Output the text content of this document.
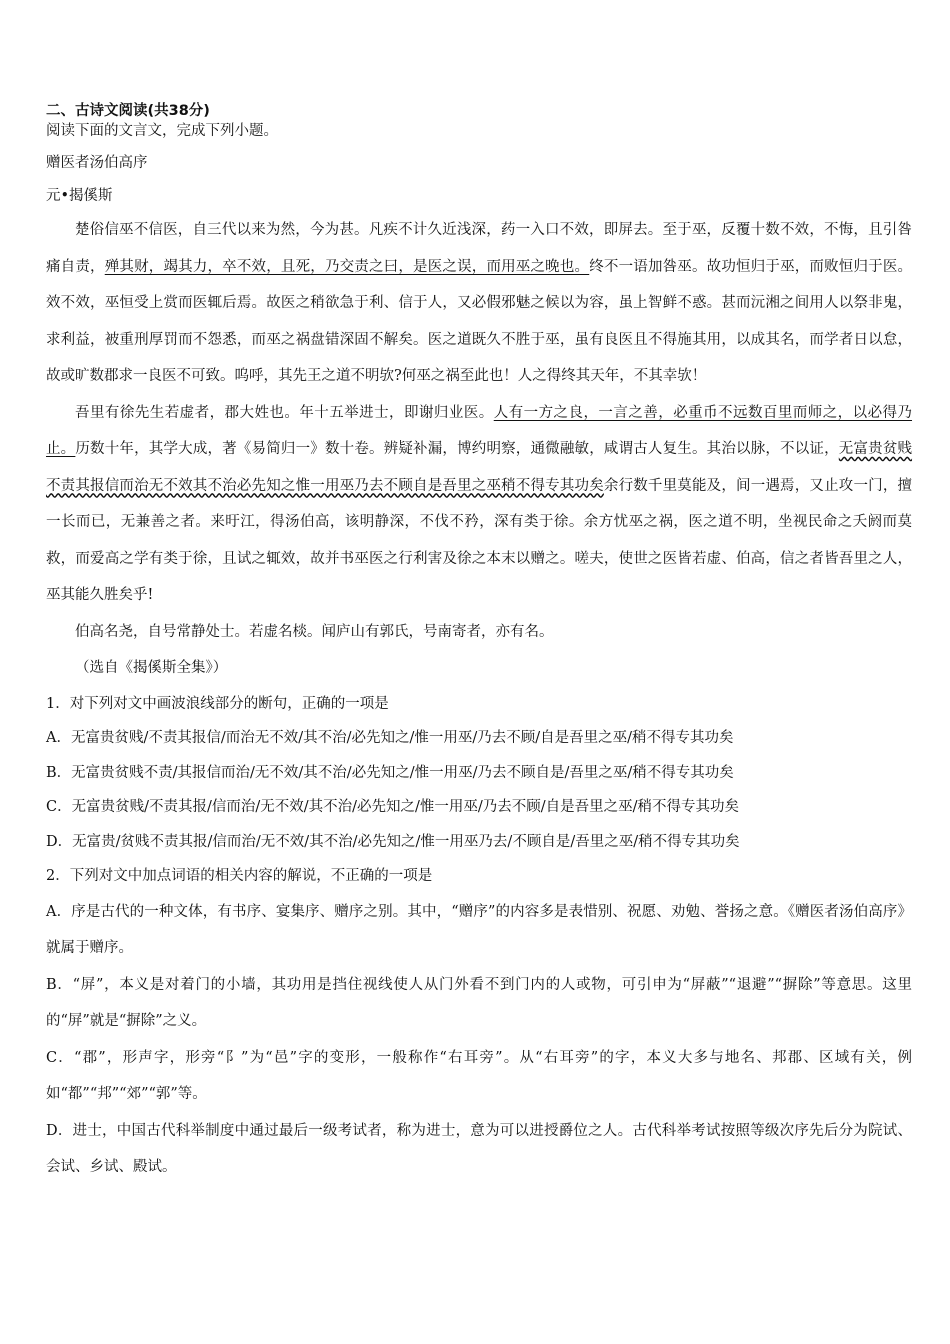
二、古诗文阅读(共38分)

阅读下面的文言文，完成下列小题。

赠医者汤伯高序

元•揭傒斯

楚俗信巫不信医，自三代以来为然，今为甚。凡疾不计久近浅深，药一入口不效，即屏去。至于巫，反覆十数不效，不悔，且引咎痛自责，殚其财，竭其力，卒不效，且死，乃交责之曰，是医之误，而用巫之晚也。终不一语加咎巫。故功恒归于巫，而败恒归于医。效不效，巫恒受上赏而医辄后焉。故医之稍欲急于利、信于人，又必假邪魅之候以为容，虽上智鲜不惑。甚而沅湘之间用人以祭非鬼，求利益，被重刑厚罚而不怨悉，而巫之祸盘错深固不解矣。医之道既久不胜于巫，虽有良医且不得施其用，以成其名，而学者日以怠，故或旷数郡求一良医不可致。呜呼，其先王之道不明欤?何巫之祸至此也！人之得终其天年，不其幸欤！

吾里有徐先生若虚者，郡大姓也。年十五举进士，即谢归业医。人有一方之良，一言之善，必重币不远数百里而师之，以必得乃止。历数十年，其学大成，著《易简归一》数十卷。辨疑补漏，博约明察，通微融敏，咸谓古人复生。其治以脉，不以证，无富贵贫贱不责其报信而治无不效其不治必先知之惟一用巫乃去不顾自是吾里之巫稍不得专其功矣余行数千里莫能及，间一遇焉，又止攻一门，擅一长而已，无兼善之者。来旴江，得汤伯高，该明静深，不伐不矜，深有类于徐。余方忧巫之祸，医之道不明，坐视民命之夭阏而莫救，而爱高之学有类于徐，且试之辄效，故并书巫医之行利害及徐之本末以赠之。嗟夫，使世之医皆若虚、伯高，信之者皆吾里之人，巫其能久胜矣乎!

伯高名尧，自号常静处士。若虚名棪。闻庐山有郭氏，号南寄者，亦有名。

（选自《揭傒斯全集》）

1．对下列对文中画波浪线部分的断句，正确的一项是

A．无富贵贫贱/不责其报信/而治无不效/其不治/必先知之/惟一用巫/乃去不顾/自是吾里之巫/稍不得专其功矣

B．无富贵贫贱不责/其报信而治/无不效/其不治/必先知之/惟一用巫/乃去不顾自是/吾里之巫/稍不得专其功矣

C．无富贵贫贱/不责其报/信而治/无不效/其不治/必先知之/惟一用巫/乃去不顾/自是吾里之巫/稍不得专其功矣

D．无富贵/贫贱不责其报/信而治/无不效/其不治/必先知之/惟一用巫乃去/不顾自是/吾里之巫/稍不得专其功矣

2．下列对文中加点词语的相关内容的解说，不正确的一项是

A．序是古代的一种文体，有书序、宴集序、赠序之别。其中，“赠序”的内容多是表惜别、祝愿、劝勉、誉扬之意。《赠医者汤伯高序》就属于赠序。

B．“屏”，本义是对着门的小墙，其功用是挡住视线使人从门外看不到门内的人或物，可引申为“屏蔽”“退避”“摒除”等意思。这里的“屏”就是“摒除”之义。

C．“郡”，形声字，形旁“阝”为“邑”字的变形，一般称作“右耳旁”。从“右耳旁”的字，本义大多与地名、邦郡、区域有关，例如“都”“邦”“郊”“郭”等。

D．进士，中国古代科举制度中通过最后一级考试者，称为进士，意为可以进授爵位之人。古代科举考试按照等级次序先后分为院试、会试、乡试、殿试。
